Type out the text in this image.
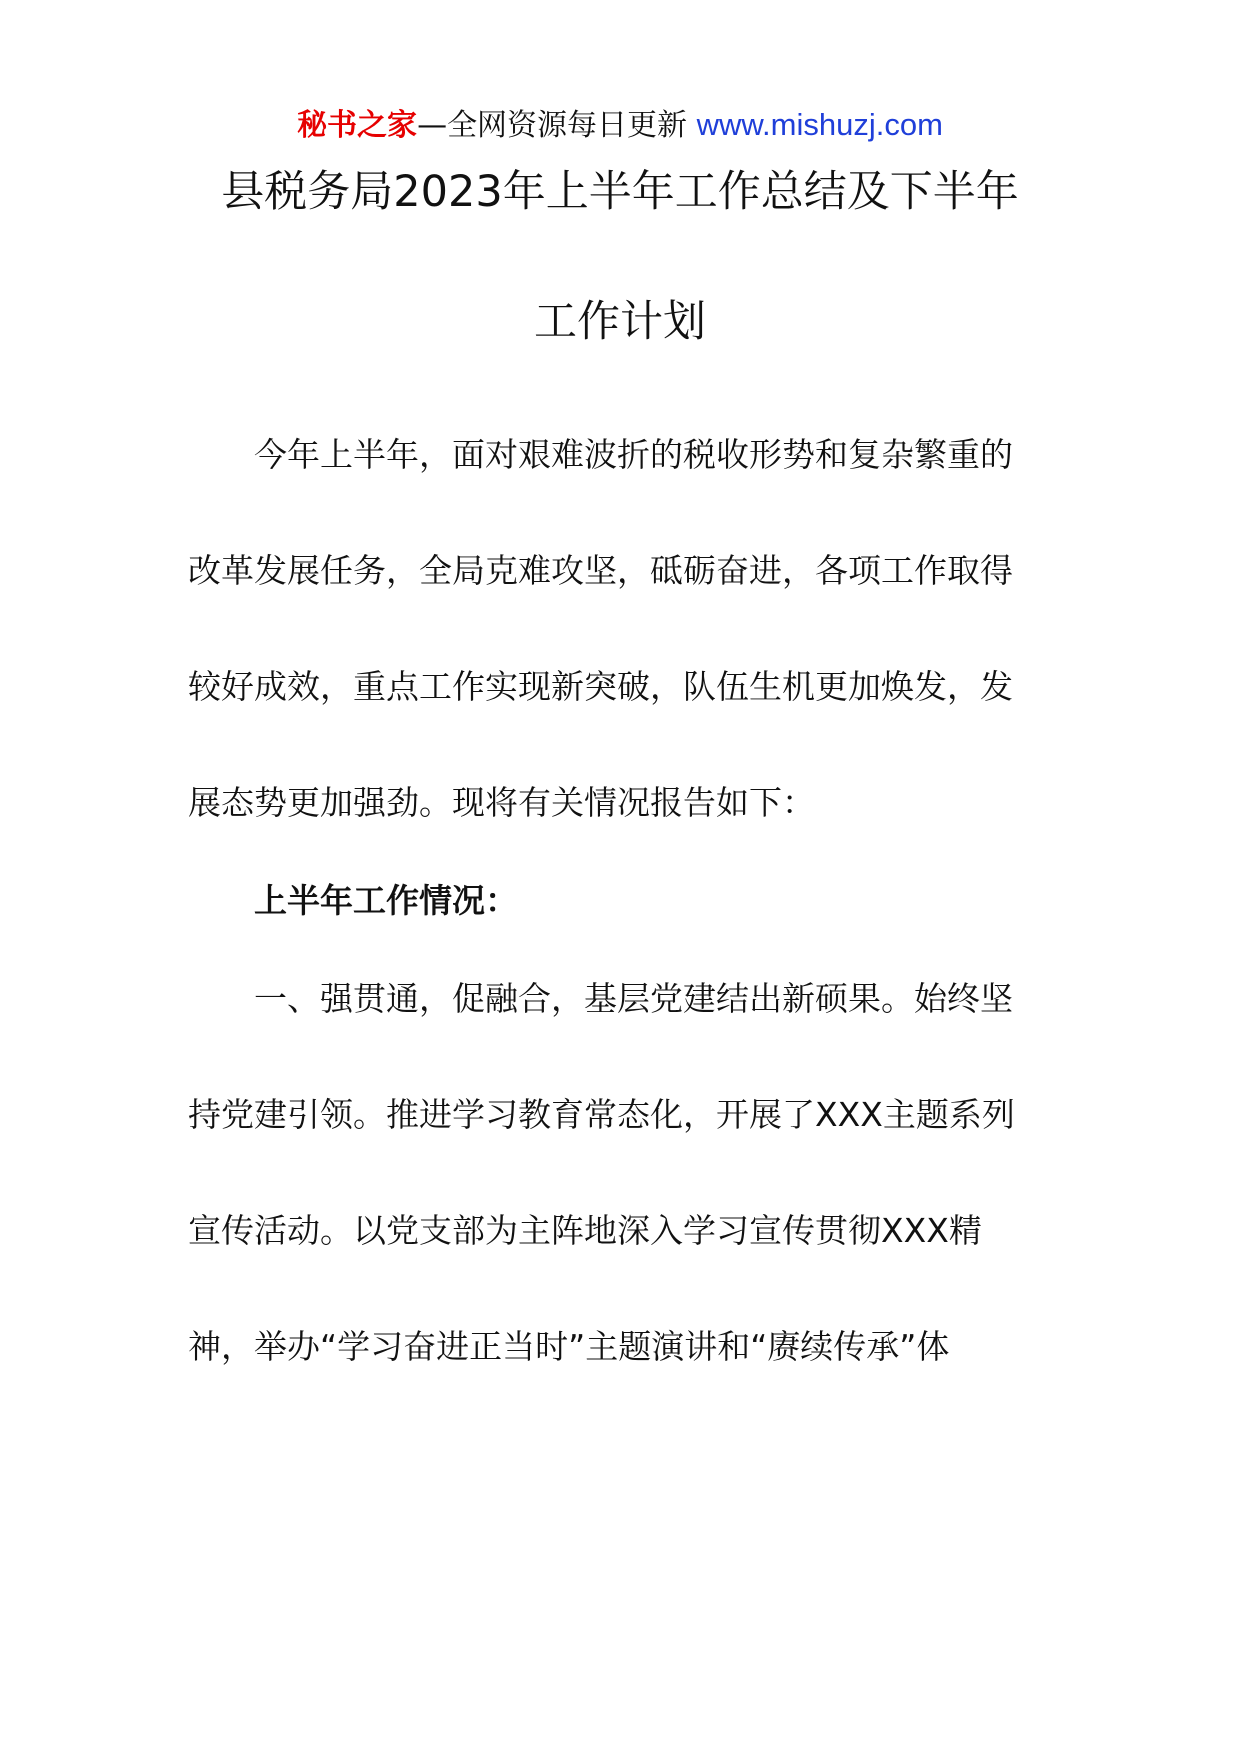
秘书之家—全网资源每日更新 www.mishuzj.com
县税务局2023年上半年工作总结及下半年
工作计划
今年上半年，面对艰难波折的税收形势和复杂繁重的
改革发展任务，全局克难攻坚，砥砺奋进，各项工作取得
较好成效，重点工作实现新突破，队伍生机更加焕发，发
展态势更加强劲。现将有关情况报告如下：
上半年工作情况：
一、强贯通，促融合，基层党建结出新硕果。始终坚
持党建引领。推进学习教育常态化，开展了XXX主题系列
宣传活动。以党支部为主阵地深入学习宣传贯彻XXX精
神，举办“学习奋进正当时”主题演讲和“赓续传承”体
